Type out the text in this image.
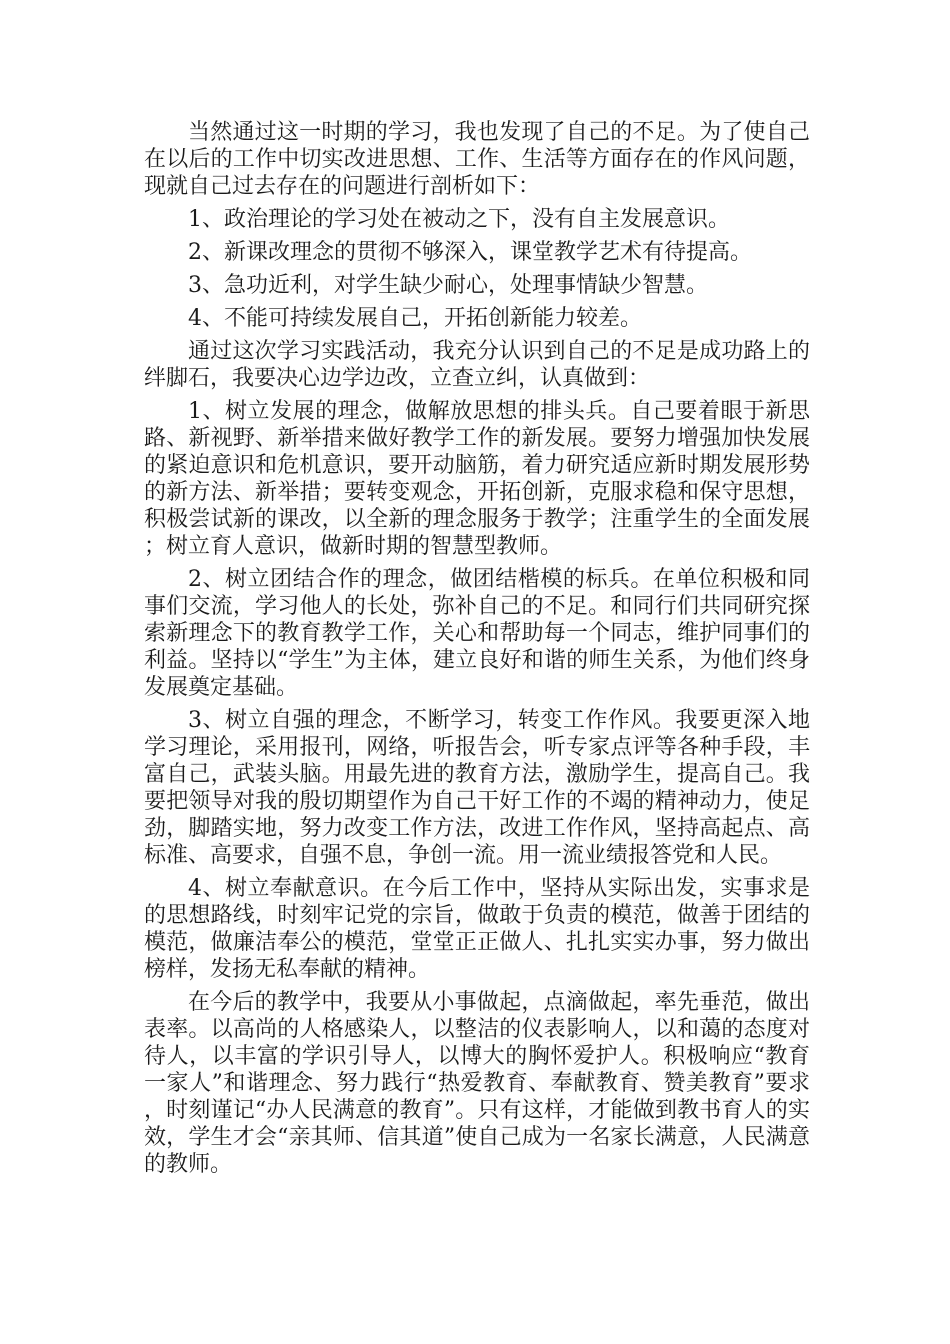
当然通过这一时期的学习，我也发现了自己的不足。为了使自己在以后的工作中切实改进思想、工作、生活等方面存在的作风问题，现就自己过去存在的问题进行剖析如下：

1、政治理论的学习处在被动之下，没有自主发展意识。

2、新课改理念的贯彻不够深入，课堂教学艺术有待提高。

3、急功近利，对学生缺少耐心，处理事情缺少智慧。

4、不能可持续发展自己，开拓创新能力较差。

通过这次学习实践活动，我充分认识到自己的不足是成功路上的绊脚石，我要决心边学边改，立查立纠，认真做到：

1、树立发展的理念，做解放思想的排头兵。自己要着眼于新思路、新视野、新举措来做好教学工作的新发展。要努力增强加快发展的紧迫意识和危机意识，要开动脑筋，着力研究适应新时期发展形势的新方法、新举措；要转变观念，开拓创新，克服求稳和保守思想，积极尝试新的课改，以全新的理念服务于教学；注重学生的全面发展；树立育人意识，做新时期的智慧型教师。

2、树立团结合作的理念，做团结楷模的标兵。在单位积极和同事们交流，学习他人的长处，弥补自己的不足。和同行们共同研究探索新理念下的教育教学工作，关心和帮助每一个同志，维护同事们的利益。坚持以“学生”为主体，建立良好和谐的师生关系，为他们终身发展奠定基础。

3、树立自强的理念，不断学习，转变工作作风。我要更深入地学习理论，采用报刊，网络，听报告会，听专家点评等各种手段，丰富自己，武装头脑。用最先进的教育方法，激励学生，提高自己。我要把领导对我的殷切期望作为自己干好工作的不竭的精神动力，使足劲，脚踏实地，努力改变工作方法，改进工作作风，坚持高起点、高标准、高要求，自强不息，争创一流。用一流业绩报答党和人民。

4、树立奉献意识。在今后工作中，坚持从实际出发，实事求是的思想路线，时刻牢记党的宗旨，做敢于负责的模范，做善于团结的模范，做廉洁奉公的模范，堂堂正正做人、扎扎实实办事，努力做出榜样，发扬无私奉献的精神。

在今后的教学中，我要从小事做起，点滴做起，率先垂范，做出表率。以高尚的人格感染人，以整洁的仪表影响人，以和蔼的态度对待人，以丰富的学识引导人，以博大的胸怀爱护人。积极响应“教育一家人”和谐理念、努力践行“热爱教育、奉献教育、赞美教育”要求，时刻谨记“办人民满意的教育”。只有这样，才能做到教书育人的实效，学生才会“亲其师、信其道”使自己成为一名家长满意，人民满意的教师。
